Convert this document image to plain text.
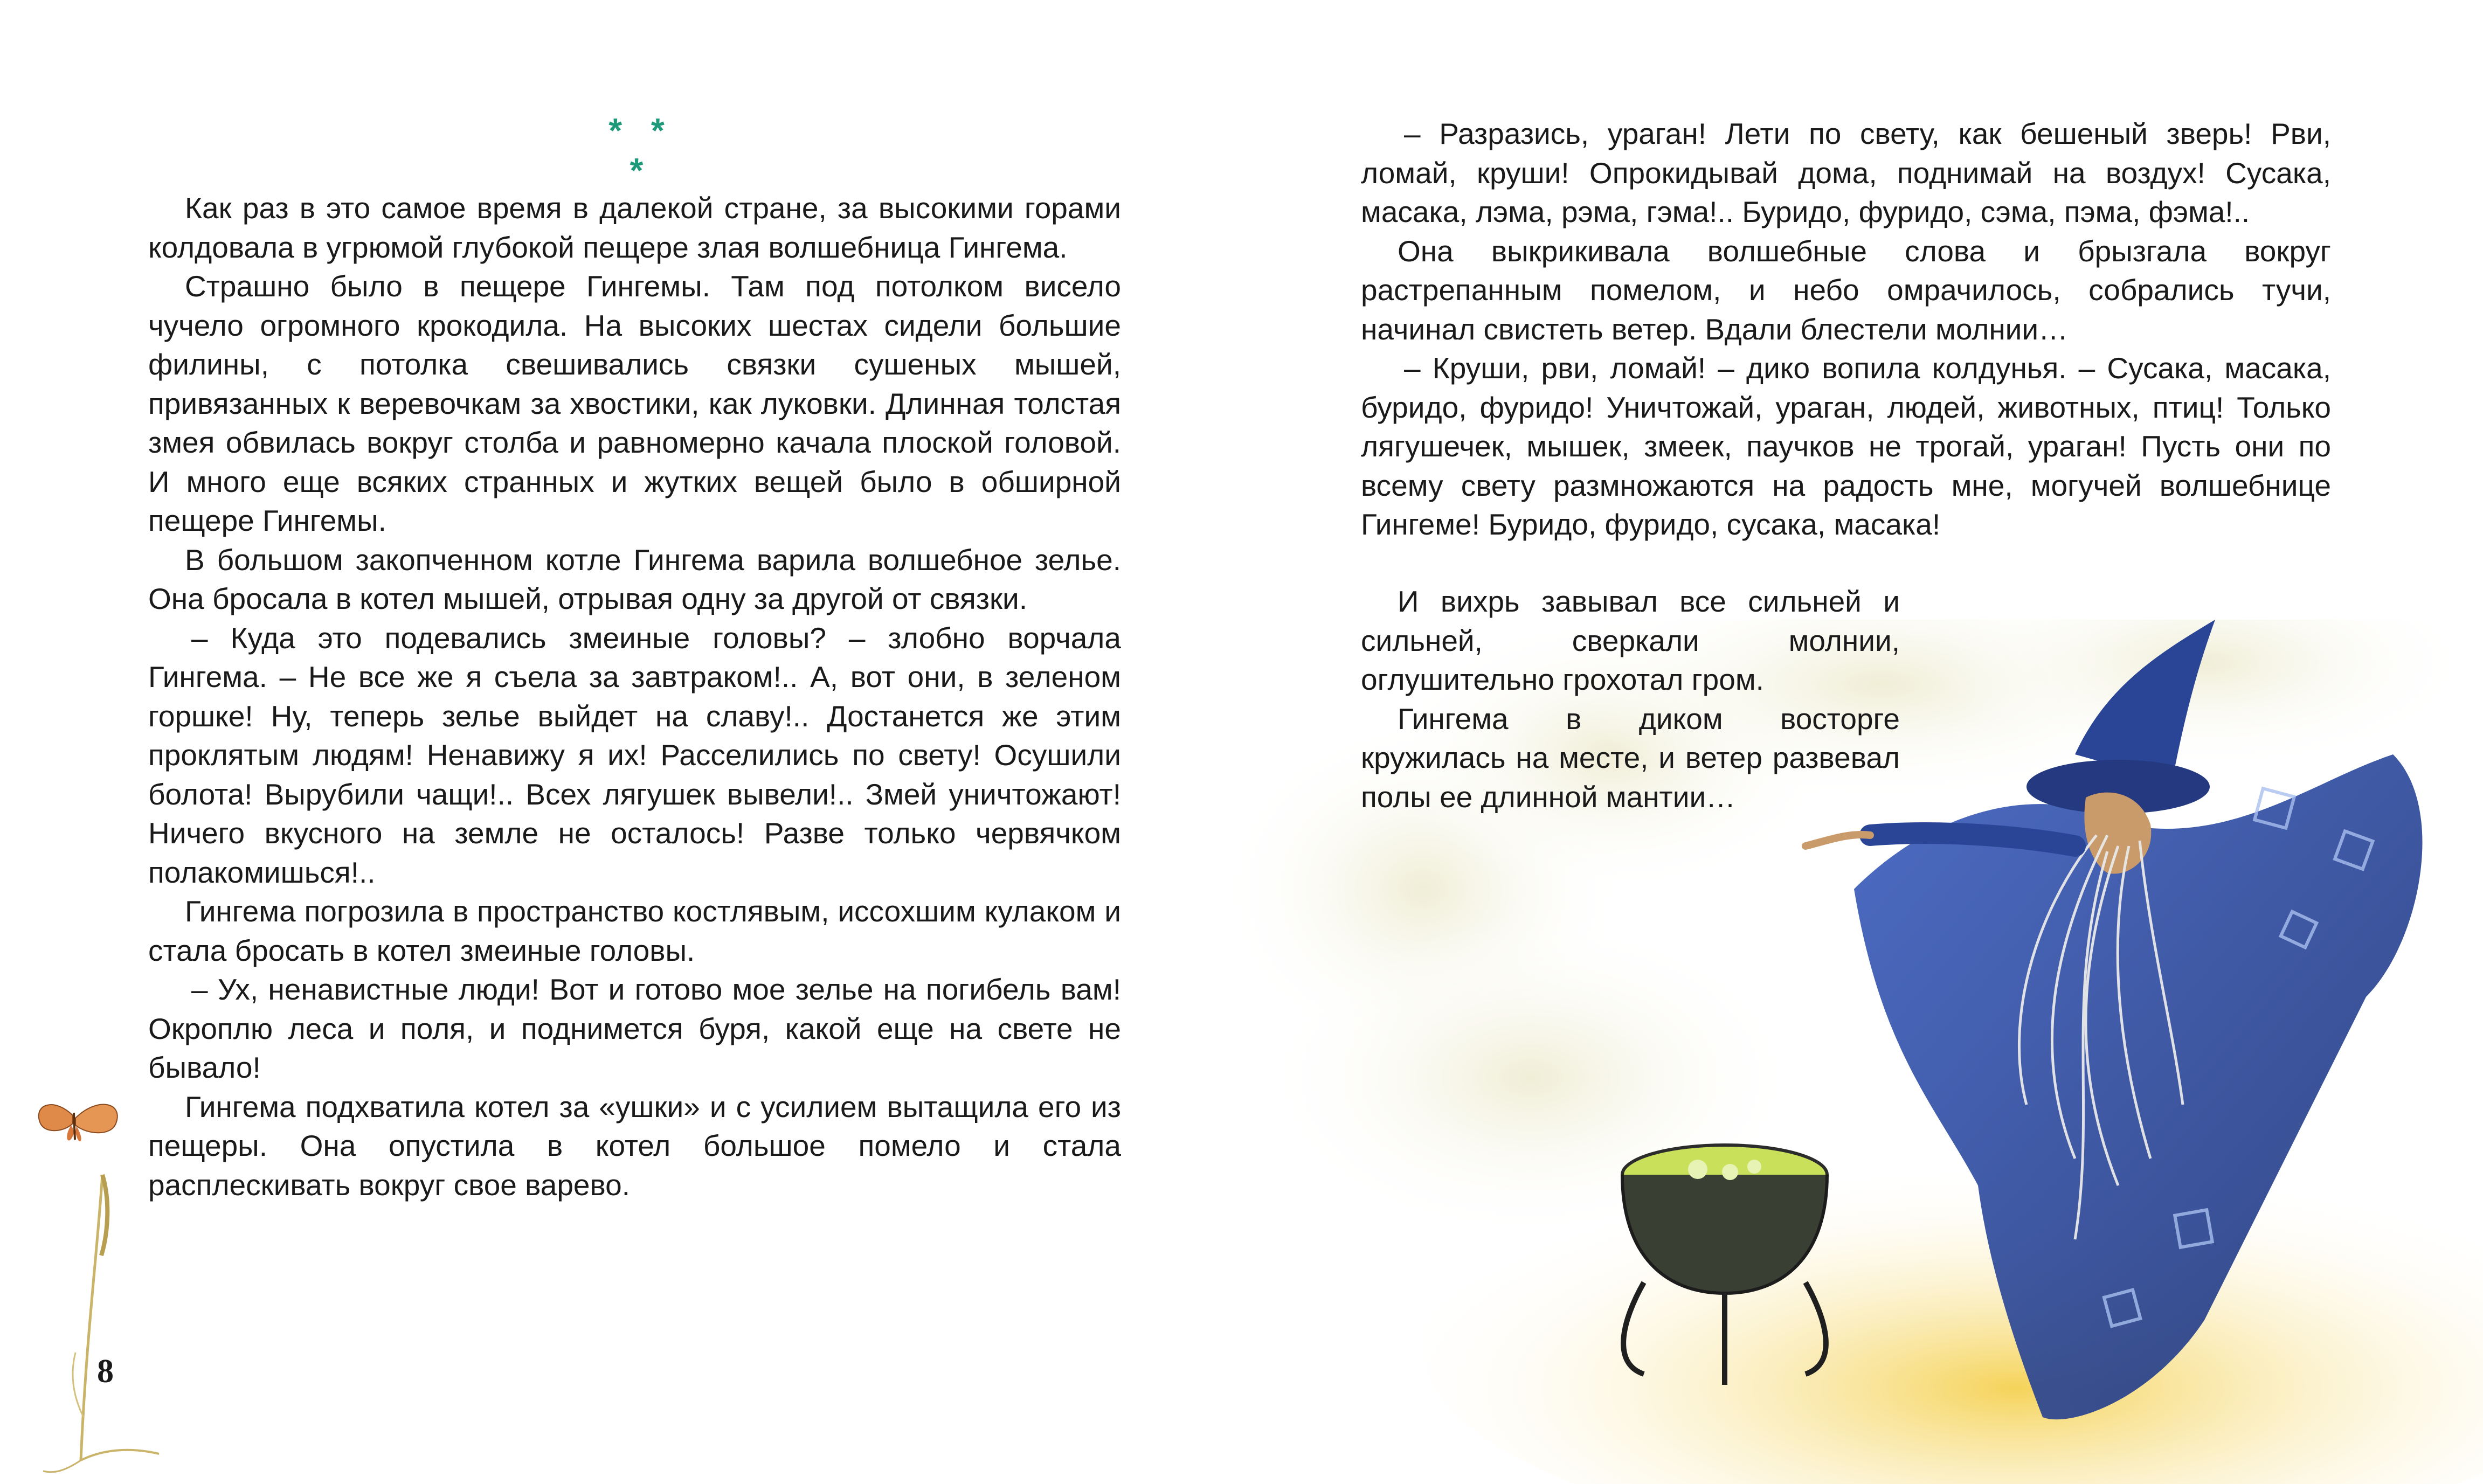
* * *

Как раз в это самое время в далекой стране, за высокими горами колдовала в угрюмой глубокой пещере злая волшебница Гингема.

Страшно было в пещере Гингемы. Там под потолком висело чучело огромного крокодила. На высоких шестах сидели большие филины, с потолка свешивались связки сушеных мышей, привязанных к веревочкам за хвостики, как луковки. Длинная толстая змея обвилась вокруг столба и равномерно качала плоской головой. И много еще всяких странных и жутких вещей было в обширной пещере Гингемы.

В большом закопченном котле Гингема варила волшебное зелье. Она бросала в котел мышей, отрывая одну за другой от связки.

– Куда это подевались змеиные головы? – злобно ворчала Гингема. – Не все же я съела за завтраком!.. А, вот они, в зеленом горшке! Ну, теперь зелье выйдет на славу!.. Достанется же этим проклятым людям! Ненавижу я их! Расселились по свету! Осушили болота! Вырубили чащи!.. Всех лягушек вывели!.. Змей уничтожают! Ничего вкусного на земле не осталось! Разве только червячком полакомишься!..

Гингема погрозила в пространство костлявым, иссохшим кулаком и стала бросать в котел змеиные головы.

– Ух, ненавистные люди! Вот и готово мое зелье на погибель вам! Окроплю леса и поля, и поднимется буря, какой еще на свете не бывало!

Гингема подхватила котел за «ушки» и с усилием вытащила его из пещеры. Она опустила в котел большое помело и стала расплескивать вокруг свое варево.

8

– Разразись, ураган! Лети по свету, как бешеный зверь! Рви, ломай, круши! Опрокидывай дома, поднимай на воздух! Сусака, масака, лэма, рэма, гэма!.. Буридо, фуридо, сэма, пэма, фэма!..

Она выкрикивала волшебные слова и брызгала вокруг растрепанным помелом, и небо омрачилось, собрались тучи, начинал свистеть ветер. Вдали блестели молнии…

– Круши, рви, ломай! – дико вопила колдунья. – Сусака, масака, буридо, фуридо! Уничтожай, ураган, людей, животных, птиц! Только лягушечек, мышек, змеек, паучков не трогай, ураган! Пусть они по всему свету размножаются на радость мне, могучей волшебнице Гингеме! Буридо, фуридо, сусака, масака!

И вихрь завывал все сильней и сильней, сверкали молнии, оглушительно грохотал гром.

Гингема в диком восторге кружилась на месте, и ветер развевал полы ее длинной мантии…
